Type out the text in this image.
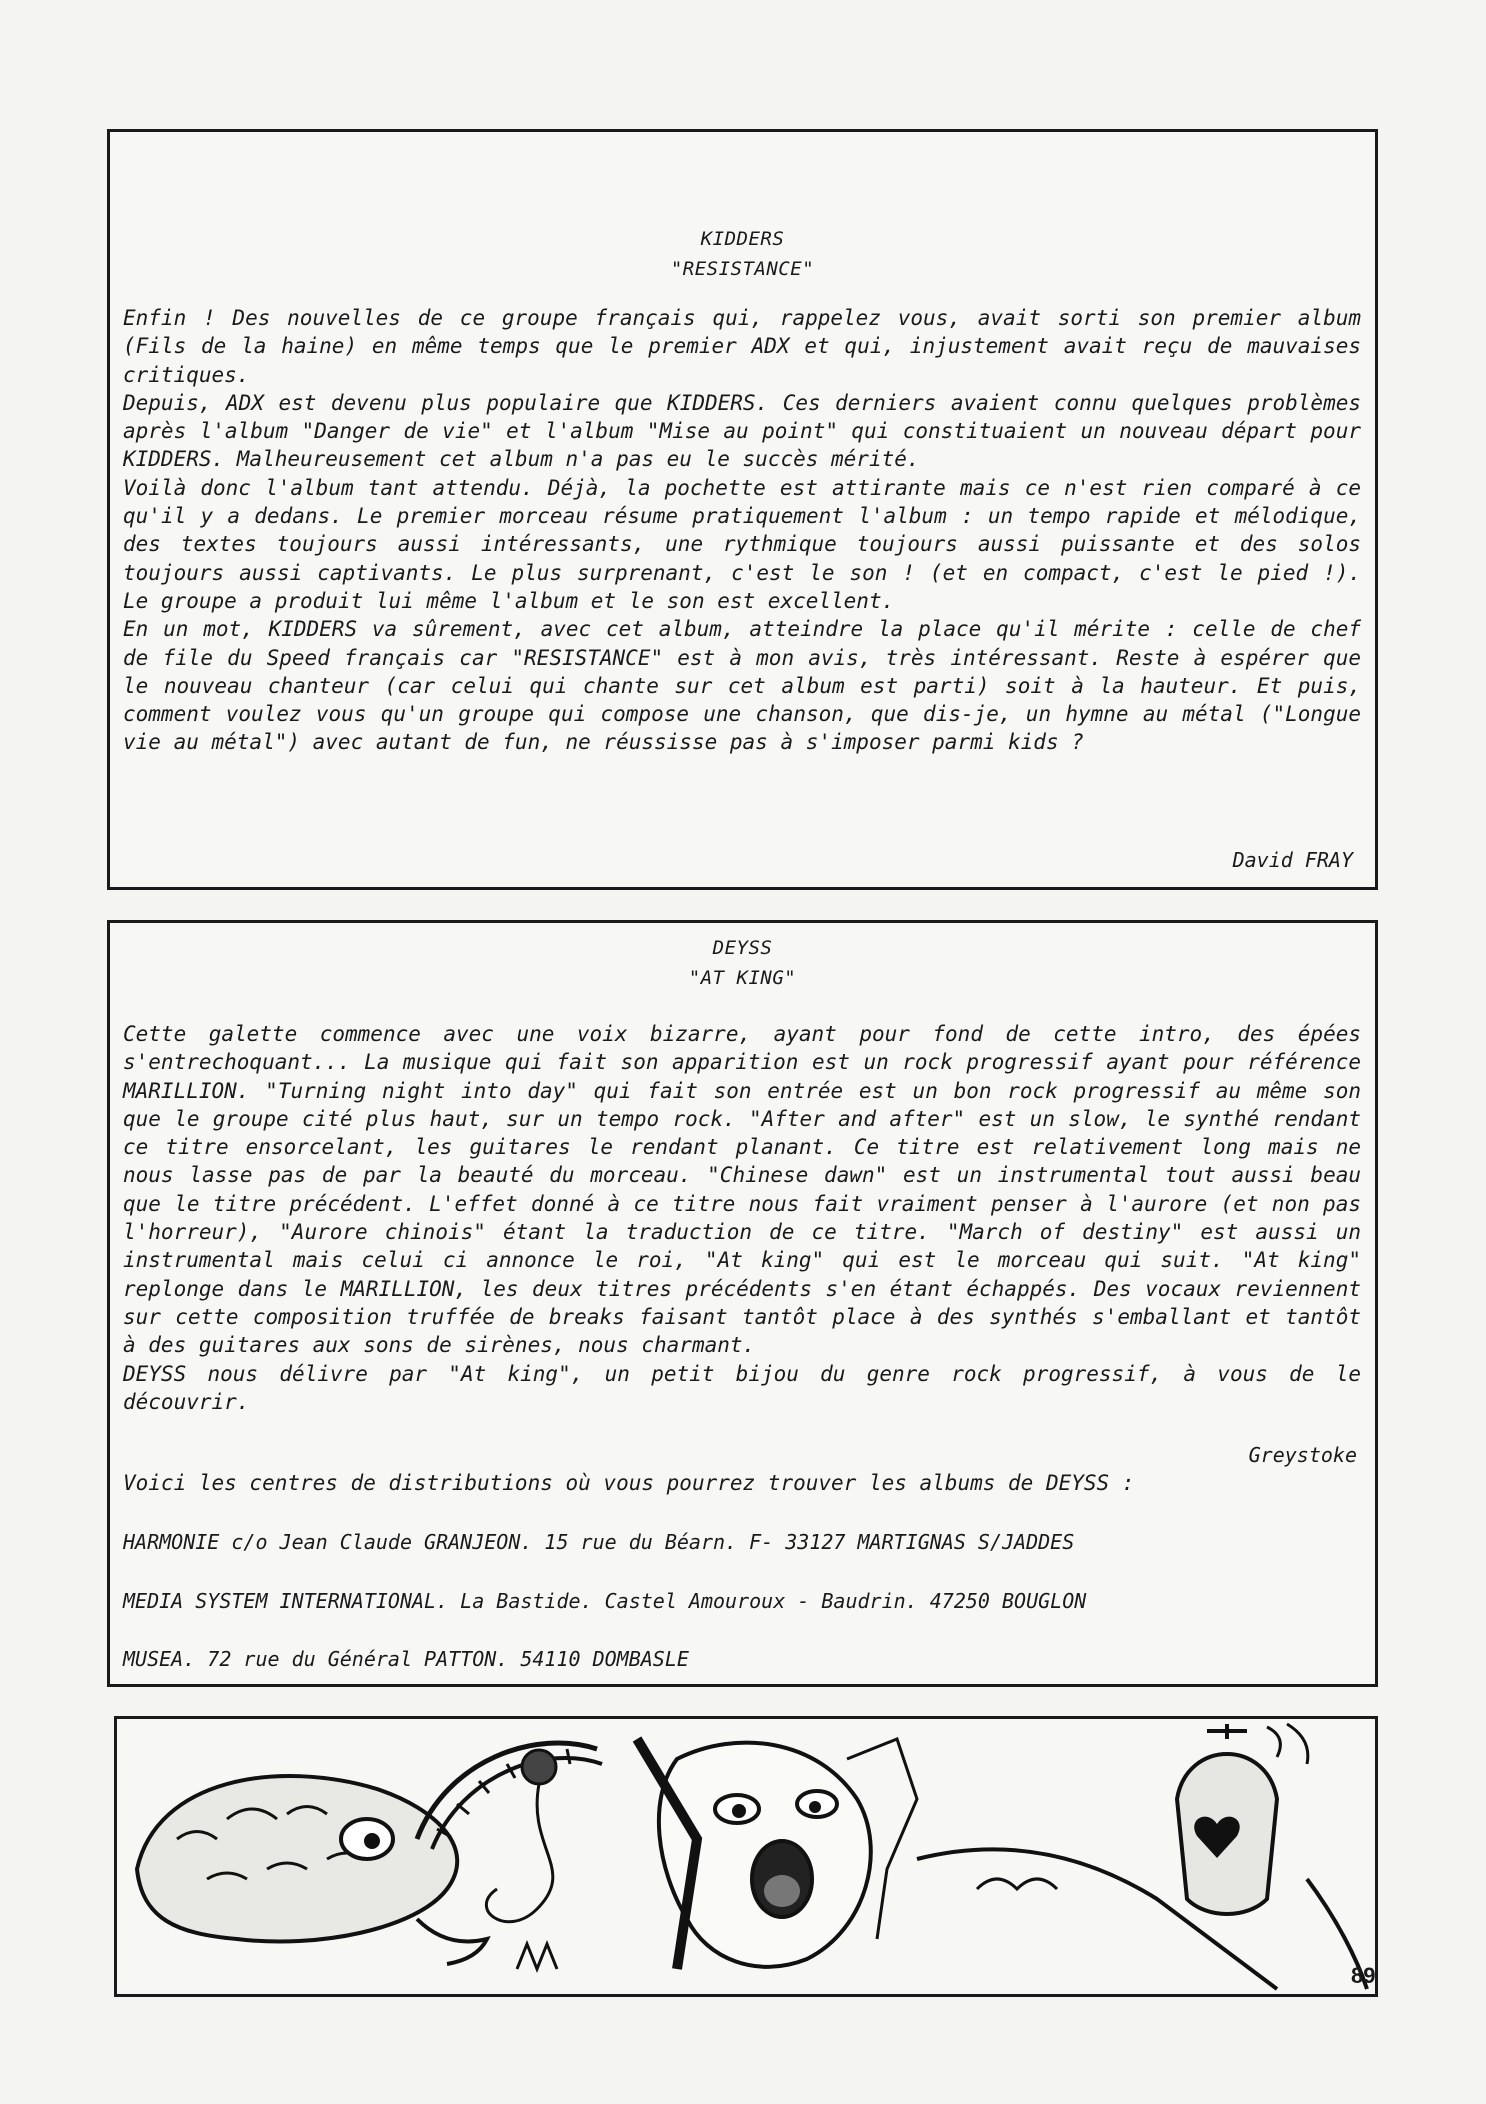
KIDDERS
"RESISTANCE"

Enfin ! Des nouvelles de ce groupe français qui, rappelez vous, avait sorti son premier album (Fils de la haine) en même temps que le premier ADX et qui, injustement avait reçu de mauvaises critiques.

Depuis, ADX est devenu plus populaire que KIDDERS. Ces derniers avaient connu quelques problèmes après l'album "Danger de vie" et l'album "Mise au point" qui constituaient un nouveau départ pour KIDDERS. Malheureusement cet album n'a pas eu le succès mérité.

Voilà donc l'album tant attendu. Déjà, la pochette est attirante mais ce n'est rien comparé à ce qu'il y a dedans. Le premier morceau résume pratiquement l'album : un tempo rapide et mélodique, des textes toujours aussi intéressants, une rythmique toujours aussi puissante et des solos toujours aussi captivants. Le plus surprenant, c'est le son ! (et en compact, c'est le pied !). Le groupe a produit lui même l'album et le son est excellent.

En un mot, KIDDERS va sûrement, avec cet album, atteindre la place qu'il mérite : celle de chef de file du Speed français car "RESISTANCE" est à mon avis, très intéressant. Reste à espérer que le nouveau chanteur (car celui qui chante sur cet album est parti) soit à la hauteur. Et puis, comment voulez vous qu'un groupe qui compose une chanson, que dis-je, un hymne au métal ("Longue vie au métal") avec autant de fun, ne réussisse pas à s'imposer parmi kids ?

David FRAY
DEYSS
"AT KING"

Cette galette commence avec une voix bizarre, ayant pour fond de cette intro, des épées s'entrechoquant... La musique qui fait son apparition est un rock progressif ayant pour référence MARILLION. "Turning night into day" qui fait son entrée est un bon rock progressif au même son que le groupe cité plus haut, sur un tempo rock. "After and after" est un slow, le synthé rendant ce titre ensorcelant, les guitares le rendant planant. Ce titre est relativement long mais ne nous lasse pas de par la beauté du morceau. "Chinese dawn" est un instrumental tout aussi beau que le titre précédent. L'effet donné à ce titre nous fait vraiment penser à l'aurore (et non pas l'horreur), "Aurore chinois" étant la traduction de ce titre. "March of destiny" est aussi un instrumental mais celui ci annonce le roi, "At king" qui est le morceau qui suit. "At king" replonge dans le MARILLION, les deux titres précédents s'en étant échappés. Des vocaux reviennent sur cette composition truffée de breaks faisant tantôt place à des synthés s'emballant et tantôt à des guitares aux sons de sirènes, nous charmant.

DEYSS nous délivre par "At king", un petit bijou du genre rock progressif, à vous de le découvrir.

Greystoke
Voici les centres de distributions où vous pourrez trouver les albums de DEYSS :
HARMONIE c/o Jean Claude GRANJEON. 15 rue du Béarn. F- 33127 MARTIGNAS S/JADDES
MEDIA SYSTEM INTERNATIONAL. La Bastide. Castel Amouroux - Baudrin. 47250 BOUGLON
MUSEA. 72 rue du Général PATTON. 54110 DOMBASLE
89
